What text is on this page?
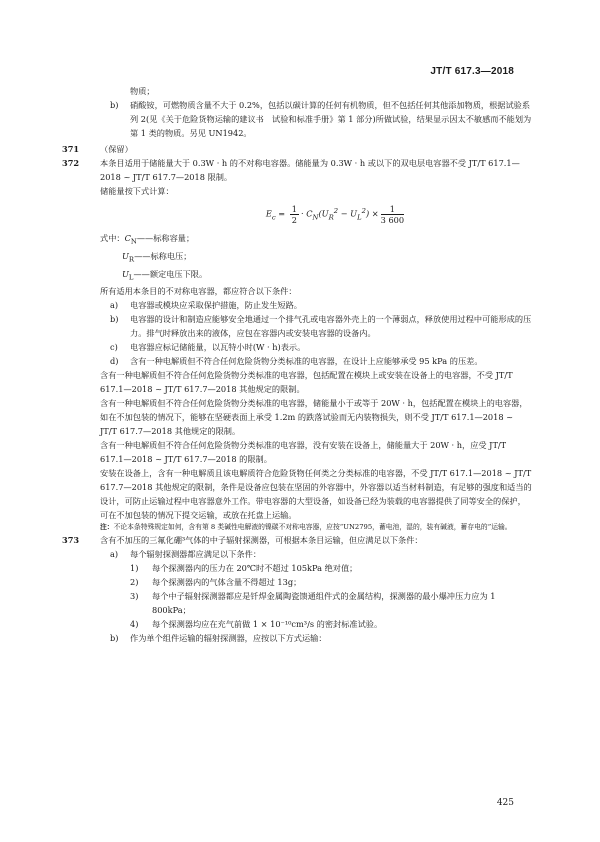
JT/T 617.3—2018

物质；

b)	硝酸铵，可燃物质含量不大于 0.2%，包括以碳计算的任何有机物质，但不包括任何其他添加物质，根据试验系列 2(见《关于危险货物运输的建议书　试验和标准手册》第 1 部分)所做试验，结果显示因太不敏感而不能划为第 1 类的物质。另见 UN1942。
371	（保留）
372	本条目适用于储能量大于 0.3W · h 的不对称电容器。储能量为 0.3W · h 或以下的双电层电容器不受 JT/T 617.1—2018 ~ JT/T 617.7—2018 限制。

储能量按下式计算：

$E_c = \frac{1}{2} \cdot C_N(U_R^2 - U_L^2) \times \frac{1}{3 600}$

式中：$C_N——$标称容量；

$U_R——$标称电压；

$U_L——$额定电压下限。

所有适用本条目的不对称电容器，都应符合以下条件：

a)	电容器或模块应采取保护措施，防止发生短路。
b)	电容器的设计和制造应能够安全地通过一个排气孔或电容器外壳上的一个薄弱点，释放使用过程中可能形成的压力。排气时释放出来的液体，应包在容器内或安装电容器的设备内。
c)	电容器应标记储能量，以瓦特小时(W · h)表示。
d)	含有一种电解质但不符合任何危险货物分类标准的电容器，在设计上应能够承受 95 kPa 的压差。

含有一种电解质但不符合任何危险货物分类标准的电容器，包括配置在模块上或安装在设备上的电容器，不受 JT/T 617.1—2018 ~ JT/T 617.7—2018 其他规定的限制。

含有一种电解质但不符合任何危险货物分类标准的电容器，储能量小于或等于 20W · h，包括配置在模块上的电容器，如在不加包装的情况下，能够在坚硬表面上承受 1.2m 的跌落试验而无内装物损失，则不受 JT/T 617.1—2018 ~ JT/T 617.7—2018 其他规定的限制。

含有一种电解质但不符合任何危险货物分类标准的电容器，没有安装在设备上，储能量大于 20W · h，应受 JT/T 617.1—2018 ~ JT/T 617.7—2018 的限制。

安装在设备上，含有一种电解质且该电解质符合危险货物任何类之分类标准的电容器，不受 JT/T 617.1—2018 ~ JT/T 617.7—2018 其他规定的限制，条件是设备应包装在坚固的外容器中，外容器以适当材料制造，有足够的强度和适当的设计，可防止运输过程中电容器意外工作。带电容器的大型设备，如设备已经为装载的电容器提供了同等安全的保护，可在不加包装的情况下提交运输，或放在托盘上运输。

注：不论本条特殊规定如何，含有第 8 类碱性电解液的镍碳不对称电容器，应按“UN2795，蓄电池，湿的，装有碱液，蓄存电的”运输。

373	含有不加压的三氟化硼³气体的中子辐射探测器，可根据本条目运输，但应满足以下条件：

a)	每个辐射探测器都应满足以下条件：
1)	每个探测器内的压力在 20℃时不超过 105kPa 绝对值；
2)	每个探测器内的气体含量不得超过 13g；
3)	每个中子辐射探测器都应是钎焊金属陶瓷馈通组件式的金属结构，探测器的最小爆冲压力应为 1 800kPa；
4)	每个探测器均应在充气前做 1 × 10⁻¹⁰cm³/s 的密封标准试验。
b)	作为单个组件运输的辐射探测器，应按以下方式运输：
425
